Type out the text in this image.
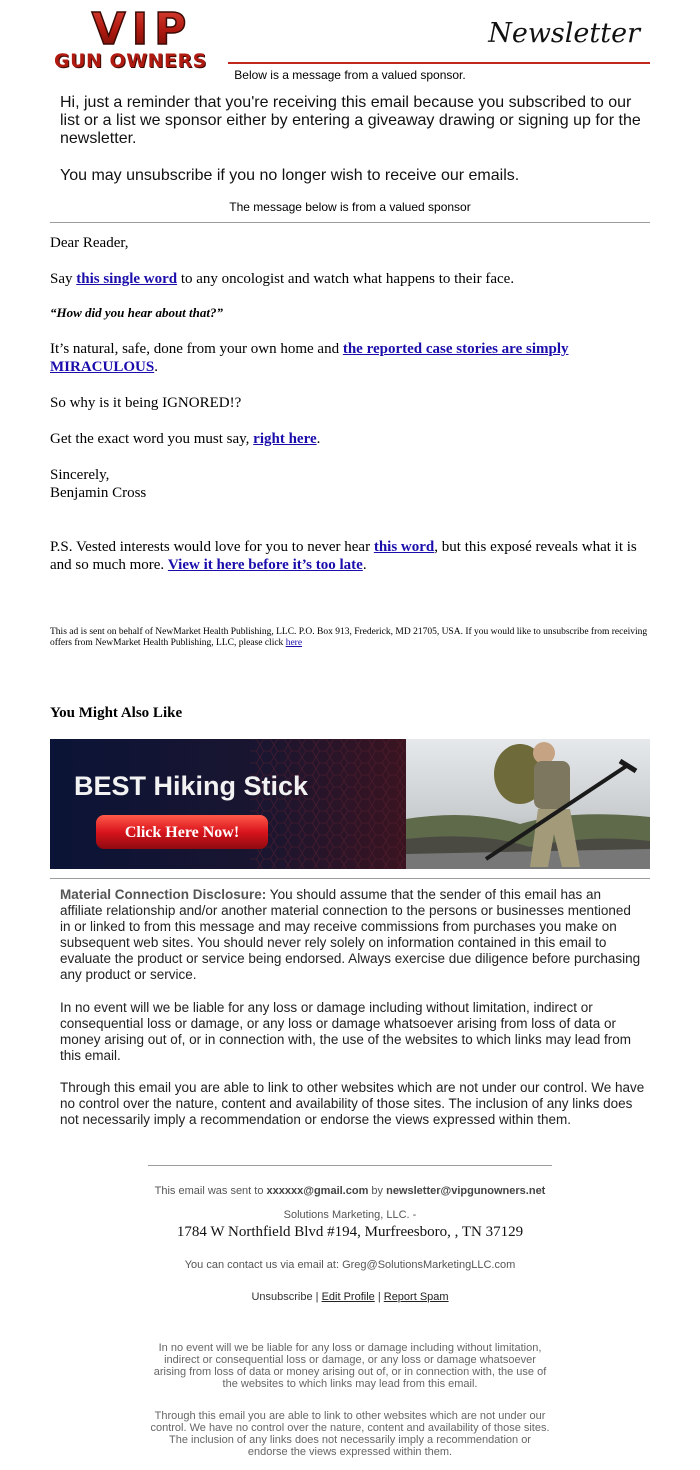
VIP
GUN OWNERS
Newsletter
Below is a message from a valued sponsor.
Hi, just a reminder that you're receiving this email because you subscribed to our list or a list we sponsor either by entering a giveaway drawing or signing up for the newsletter.
You may unsubscribe if you no longer wish to receive our emails.
The message below is from a valued sponsor
Dear Reader,
Say this single word to any oncologist and watch what happens to their face.
“How did you hear about that?”
It’s natural, safe, done from your own home and the reported case stories are simply MIRACULOUS.
So why is it being IGNORED!?
Get the exact word you must say, right here.
Sincerely,
Benjamin Cross
P.S. Vested interests would love for you to never hear this word, but this exposé reveals what it is and so much more. View it here before it’s too late.
This ad is sent on behalf of NewMarket Health Publishing, LLC. P.O. Box 913, Frederick, MD 21705, USA. If you would like to unsubscribe from receiving offers from NewMarket Health Publishing, LLC, please click here
You Might Also Like
BEST Hiking Stick
Click Here Now!
Material Connection Disclosure: You should assume that the sender of this email has an affiliate relationship and/or another material connection to the persons or businesses mentioned in or linked to from this message and may receive commissions from purchases you make on subsequent web sites. You should never rely solely on information contained in this email to evaluate the product or service being endorsed. Always exercise due diligence before purchasing any product or service.
In no event will we be liable for any loss or damage including without limitation, indirect or consequential loss or damage, or any loss or damage whatsoever arising from loss of data or money arising out of, or in connection with, the use of the websites to which links may lead from this email.
Through this email you are able to link to other websites which are not under our control. We have no control over the nature, content and availability of those sites. The inclusion of any links does not necessarily imply a recommendation or endorse the views expressed within them.
This email was sent to xxxxxx@gmail.com by newsletter@vipgunowners.net
Solutions Marketing, LLC. -
1784 W Northfield Blvd #194, Murfreesboro, , TN 37129
You can contact us via email at: Greg@SolutionsMarketingLLC.com
Unsubscribe | Edit Profile | Report Spam
In no event will we be liable for any loss or damage including without limitation, indirect or consequential loss or damage, or any loss or damage whatsoever arising from loss of data or money arising out of, or in connection with, the use of the websites to which links may lead from this email.
Through this email you are able to link to other websites which are not under our control. We have no control over the nature, content and availability of those sites. The inclusion of any links does not necessarily imply a recommendation or endorse the views expressed within them.
